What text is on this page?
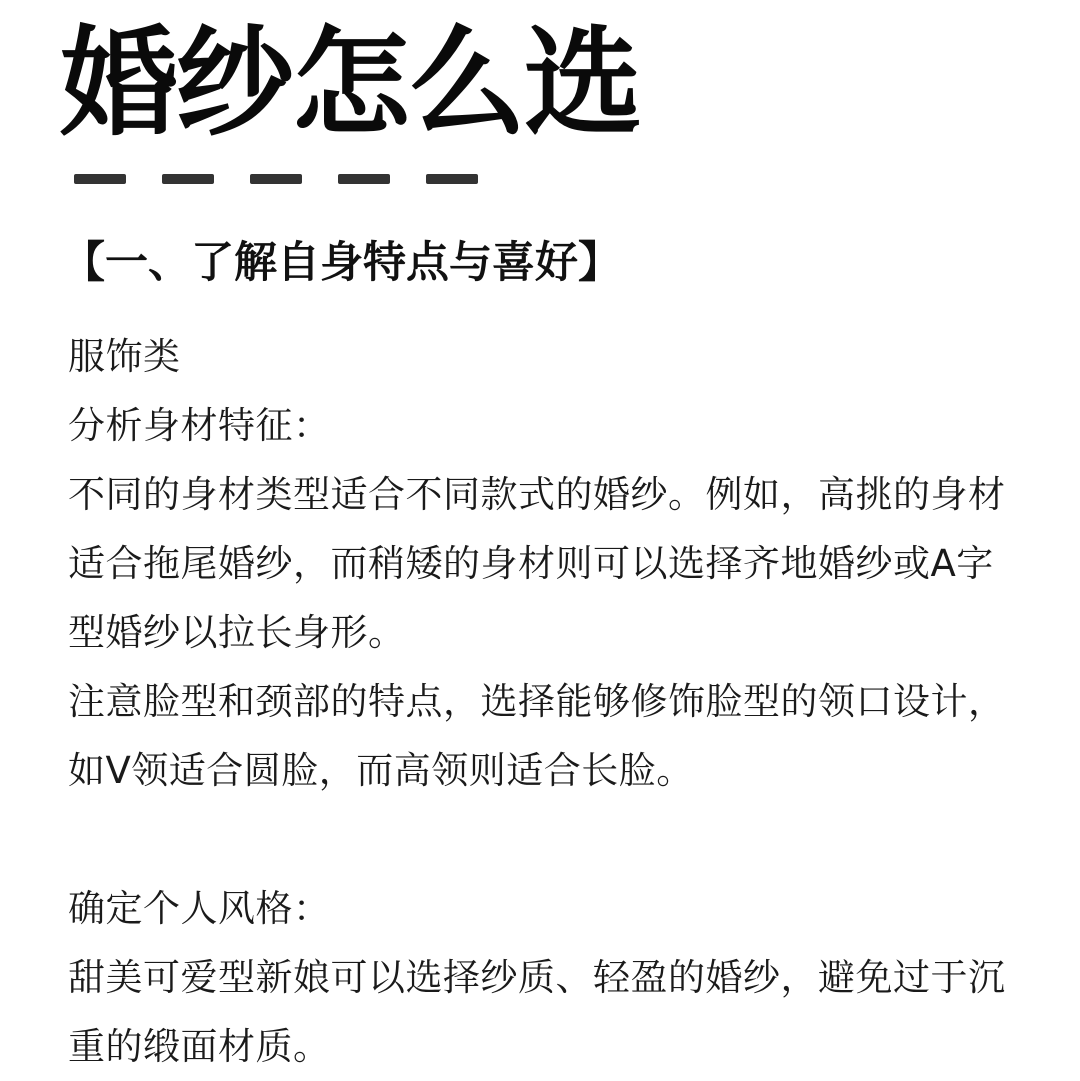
婚纱怎么选
【一、了解自身特点与喜好】

服饰类

分析身材特征：

不同的身材类型适合不同款式的婚纱。例如，高挑的身材适合拖尾婚纱，而稍矮的身材则可以选择齐地婚纱或A字型婚纱以拉长身形。

注意脸型和颈部的特点，选择能够修饰脸型的领口设计，如V领适合圆脸，而高领则适合长脸。

确定个人风格：

甜美可爱型新娘可以选择纱质、轻盈的婚纱，避免过于沉重的缎面材质。
